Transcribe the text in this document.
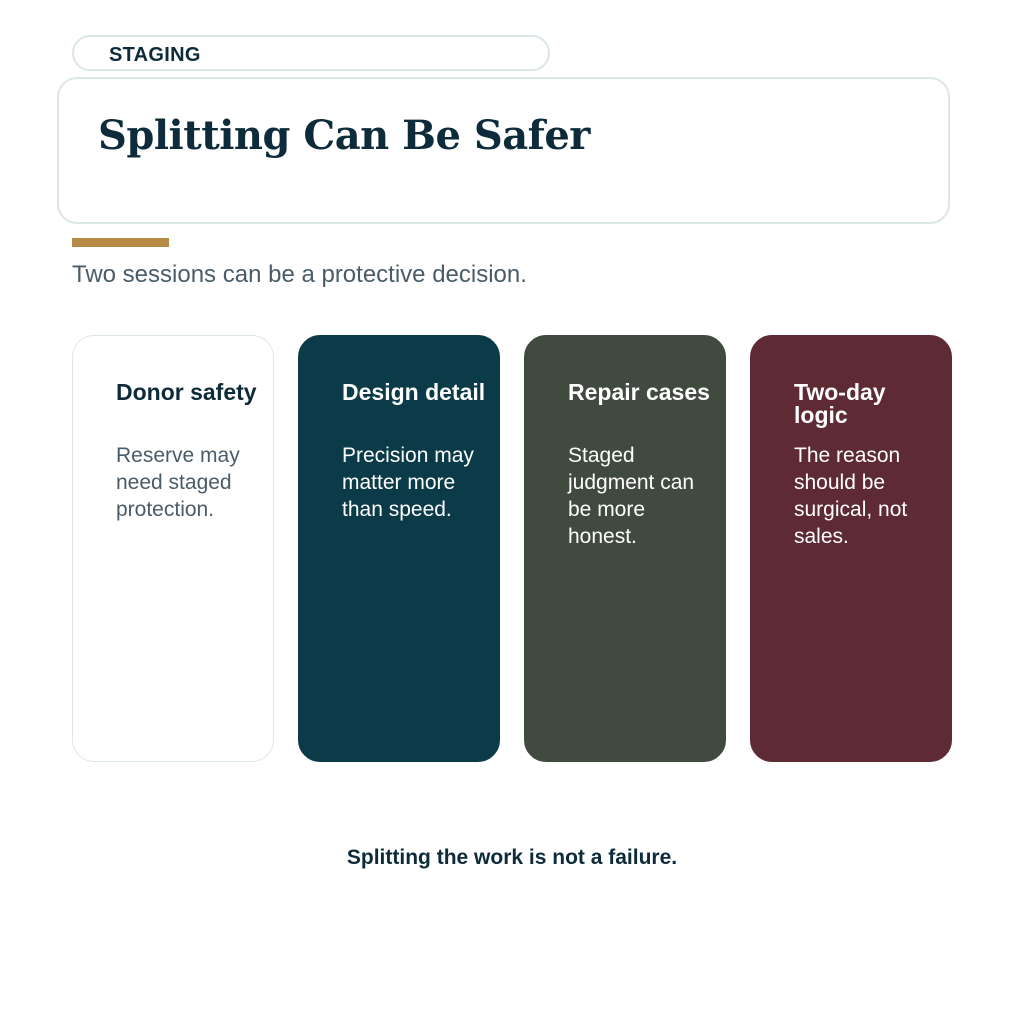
STAGING
Splitting Can Be Safer

Two sessions can be a protective decision.

Donor safety

Reserve may need staged protection.

Design detail

Precision may matter more than speed.

Repair cases

Staged judgment can be more honest.

Two-day logic

The reason should be surgical, not sales.

Splitting the work is not a failure.
